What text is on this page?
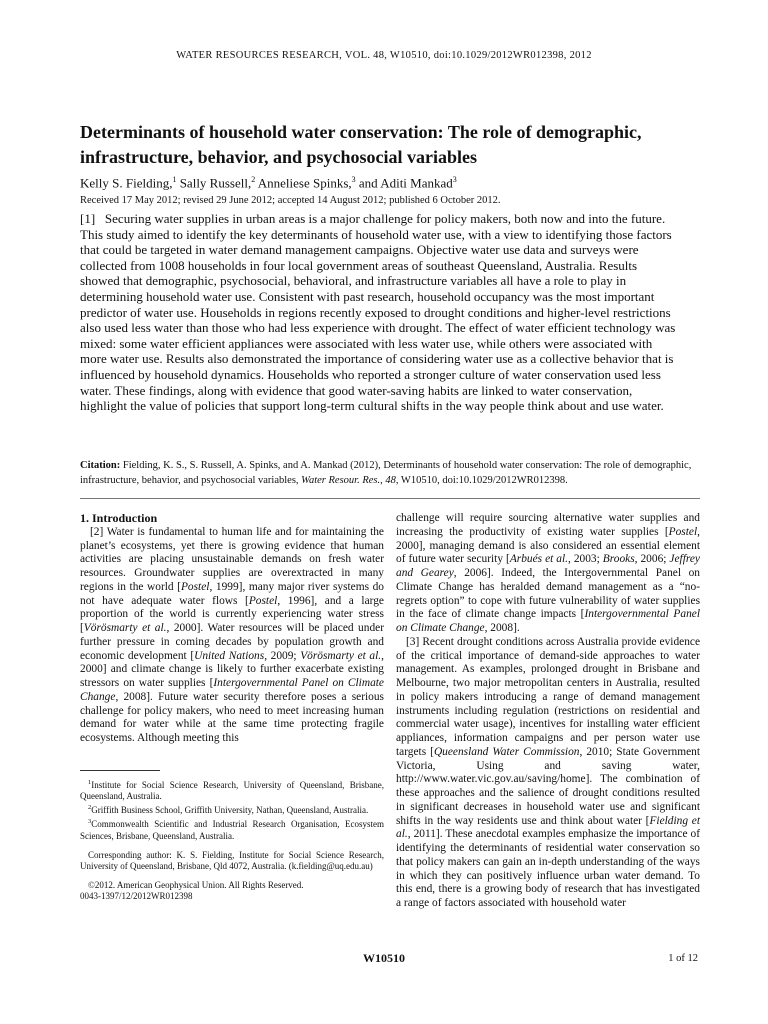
WATER RESOURCES RESEARCH, VOL. 48, W10510, doi:10.1029/2012WR012398, 2012
Determinants of household water conservation: The role of demographic, infrastructure, behavior, and psychosocial variables
Kelly S. Fielding,$^1$ Sally Russell,$^2$ Anneliese Spinks,$^3$ and Aditi Mankad$^3$
Received 17 May 2012; revised 29 June 2012; accepted 14 August 2012; published 6 October 2012.

[1] Securing water supplies in urban areas is a major challenge for policy makers, both now and into the future. This study aimed to identify the key determinants of household water use, with a view to identifying those factors that could be targeted in water demand management campaigns. Objective water use data and surveys were collected from 1008 households in four local government areas of southeast Queensland, Australia. Results showed that demographic, psychosocial, behavioral, and infrastructure variables all have a role to play in determining household water use. Consistent with past research, household occupancy was the most important predictor of water use. Households in regions recently exposed to drought conditions and higher-level restrictions also used less water than those who had less experience with drought. The effect of water efficient technology was mixed: some water efficient appliances were associated with less water use, while others were associated with more water use. Results also demonstrated the importance of considering water use as a collective behavior that is influenced by household dynamics. Households who reported a stronger culture of water conservation used less water. These findings, along with evidence that good water-saving habits are linked to water conservation, highlight the value of policies that support long-term cultural shifts in the way people think about and use water.

Citation: Fielding, K. S., S. Russell, A. Spinks, and A. Mankad (2012), Determinants of household water conservation: The role of demographic, infrastructure, behavior, and psychosocial variables, Water Resour. Res., 48, W10510, doi:10.1029/2012WR012398.

1. Introduction

[2] Water is fundamental to human life and for maintaining the planet’s ecosystems, yet there is growing evidence that human activities are placing unsustainable demands on fresh water resources. Groundwater supplies are overextracted in many regions in the world [Postel, 1999], many major river systems do not have adequate water flows [Postel, 1996], and a large proportion of the world is currently experiencing water stress [Vörösmarty et al., 2000]. Water resources will be placed under further pressure in coming decades by population growth and economic development [United Nations, 2009; Vörösmarty et al., 2000] and climate change is likely to further exacerbate existing stressors on water supplies [Intergovernmental Panel on Climate Change, 2008]. Future water security therefore poses a serious challenge for policy makers, who need to meet increasing human demand for water while at the same time protecting fragile ecosystems. Although meeting this

$^1$Institute for Social Science Research, University of Queensland, Brisbane, Queensland, Australia.

$^2$Griffith Business School, Griffith University, Nathan, Queensland, Australia.

$^3$Commonwealth Scientific and Industrial Research Organisation, Ecosystem Sciences, Brisbane, Queensland, Australia.

Corresponding author: K. S. Fielding, Institute for Social Science Research, University of Queensland, Brisbane, Qld 4072, Australia. (k.fielding@uq.edu.au)

©2012. American Geophysical Union. All Rights Reserved.

0043-1397/12/2012WR012398

challenge will require sourcing alternative water supplies and increasing the productivity of existing water supplies [Postel, 2000], managing demand is also considered an essential element of future water security [Arbués et al., 2003; Brooks, 2006; Jeffrey and Gearey, 2006]. Indeed, the Intergovernmental Panel on Climate Change has heralded demand management as a “no-regrets option” to cope with future vulnerability of water supplies in the face of climate change impacts [Intergovernmental Panel on Climate Change, 2008].

[3] Recent drought conditions across Australia provide evidence of the critical importance of demand-side approaches to water management. As examples, prolonged drought in Brisbane and Melbourne, two major metropolitan centers in Australia, resulted in policy makers introducing a range of demand management instruments including regulation (restrictions on residential and commercial water usage), incentives for installing water efficient appliances, information campaigns and per person water use targets [Queensland Water Commission, 2010; State Government Victoria, Using and saving water, http://www.water.vic.gov.au/saving/home]. The combination of these approaches and the salience of drought conditions resulted in significant decreases in household water use and significant shifts in the way residents use and think about water [Fielding et al., 2011]. These anecdotal examples emphasize the importance of identifying the determinants of residential water conservation so that policy makers can gain an in-depth understanding of the ways in which they can positively influence urban water demand. To this end, there is a growing body of research that has investigated a range of factors associated with household water

W10510	1 of 12
